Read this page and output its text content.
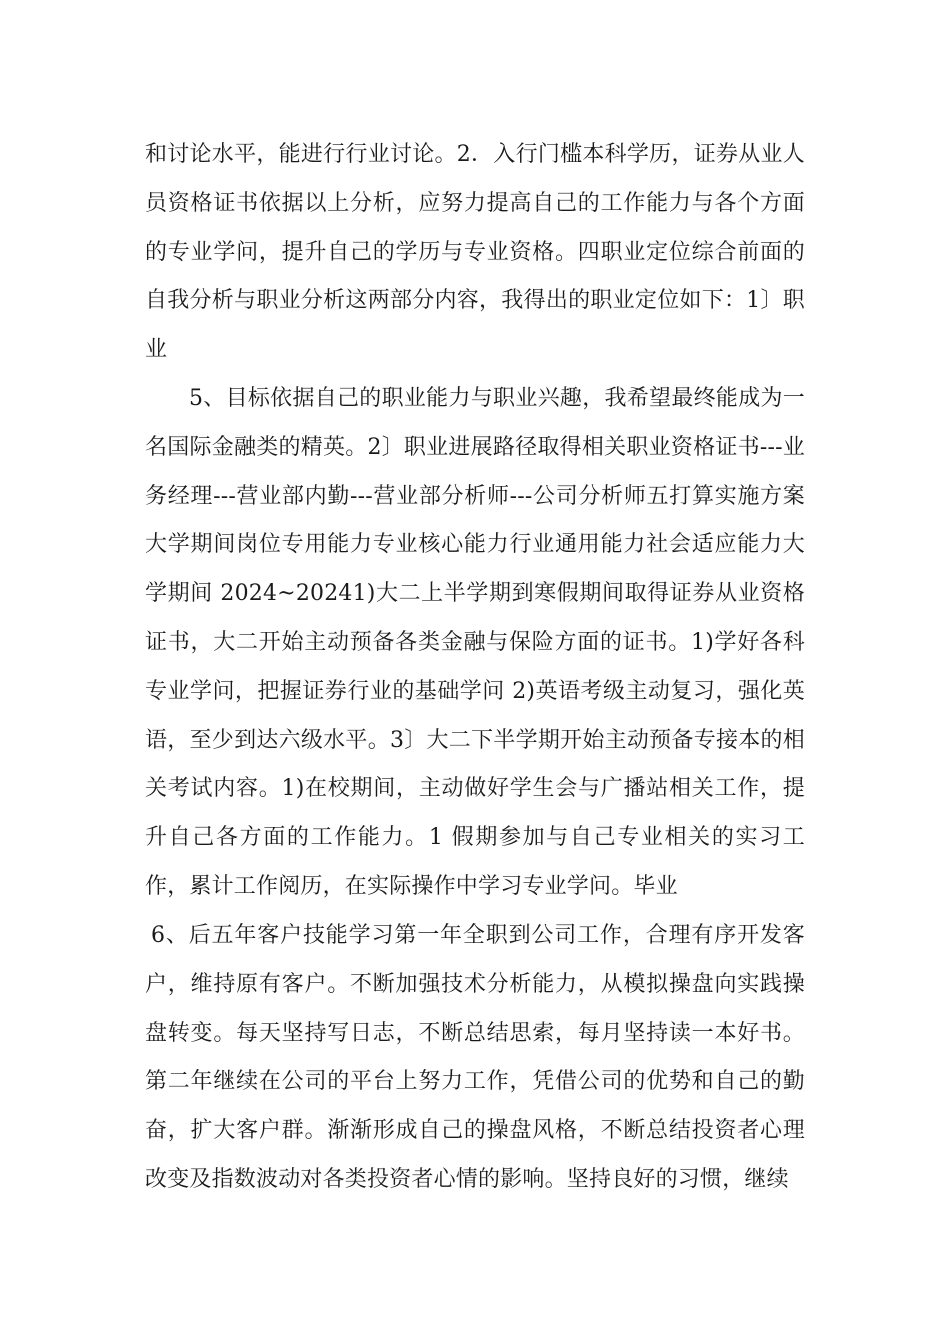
和讨论水平，能进行行业讨论。2．入行门槛本科学历，证券从业人员资格证书依据以上分析，应努力提高自己的工作能力与各个方面的专业学问，提升自己的学历与专业资格。四职业定位综合前面的自我分析与职业分析这两部分内容，我得出的职业定位如下：1〕职业

5、目标依据自己的职业能力与职业兴趣，我希望最终能成为一名国际金融类的精英。2〕职业进展路径取得相关职业资格证书---业务经理---营业部内勤---营业部分析师---公司分析师五打算实施方案大学期间岗位专用能力专业核心能力行业通用能力社会适应能力大学期间 2024~20241)大二上半学期到寒假期间取得证券从业资格证书，大二开始主动预备各类金融与保险方面的证书。1)学好各科专业学问，把握证券行业的基础学问 2)英语考级主动复习，强化英语，至少到达六级水平。3〕大二下半学期开始主动预备专接本的相关考试内容。1)在校期间，主动做好学生会与广播站相关工作，提升自己各方面的工作能力。1 假期参加与自己专业相关的实习工作，累计工作阅历，在实际操作中学习专业学问。毕业

6、后五年客户技能学习第一年全职到公司工作，合理有序开发客户，维持原有客户。不断加强技术分析能力，从模拟操盘向实践操盘转变。每天坚持写日志，不断总结思索，每月坚持读一本好书。第二年继续在公司的平台上努力工作，凭借公司的优势和自己的勤奋，扩大客户群。渐渐形成自己的操盘风格，不断总结投资者心理改变及指数波动对各类投资者心情的影响。坚持良好的习惯，继续
